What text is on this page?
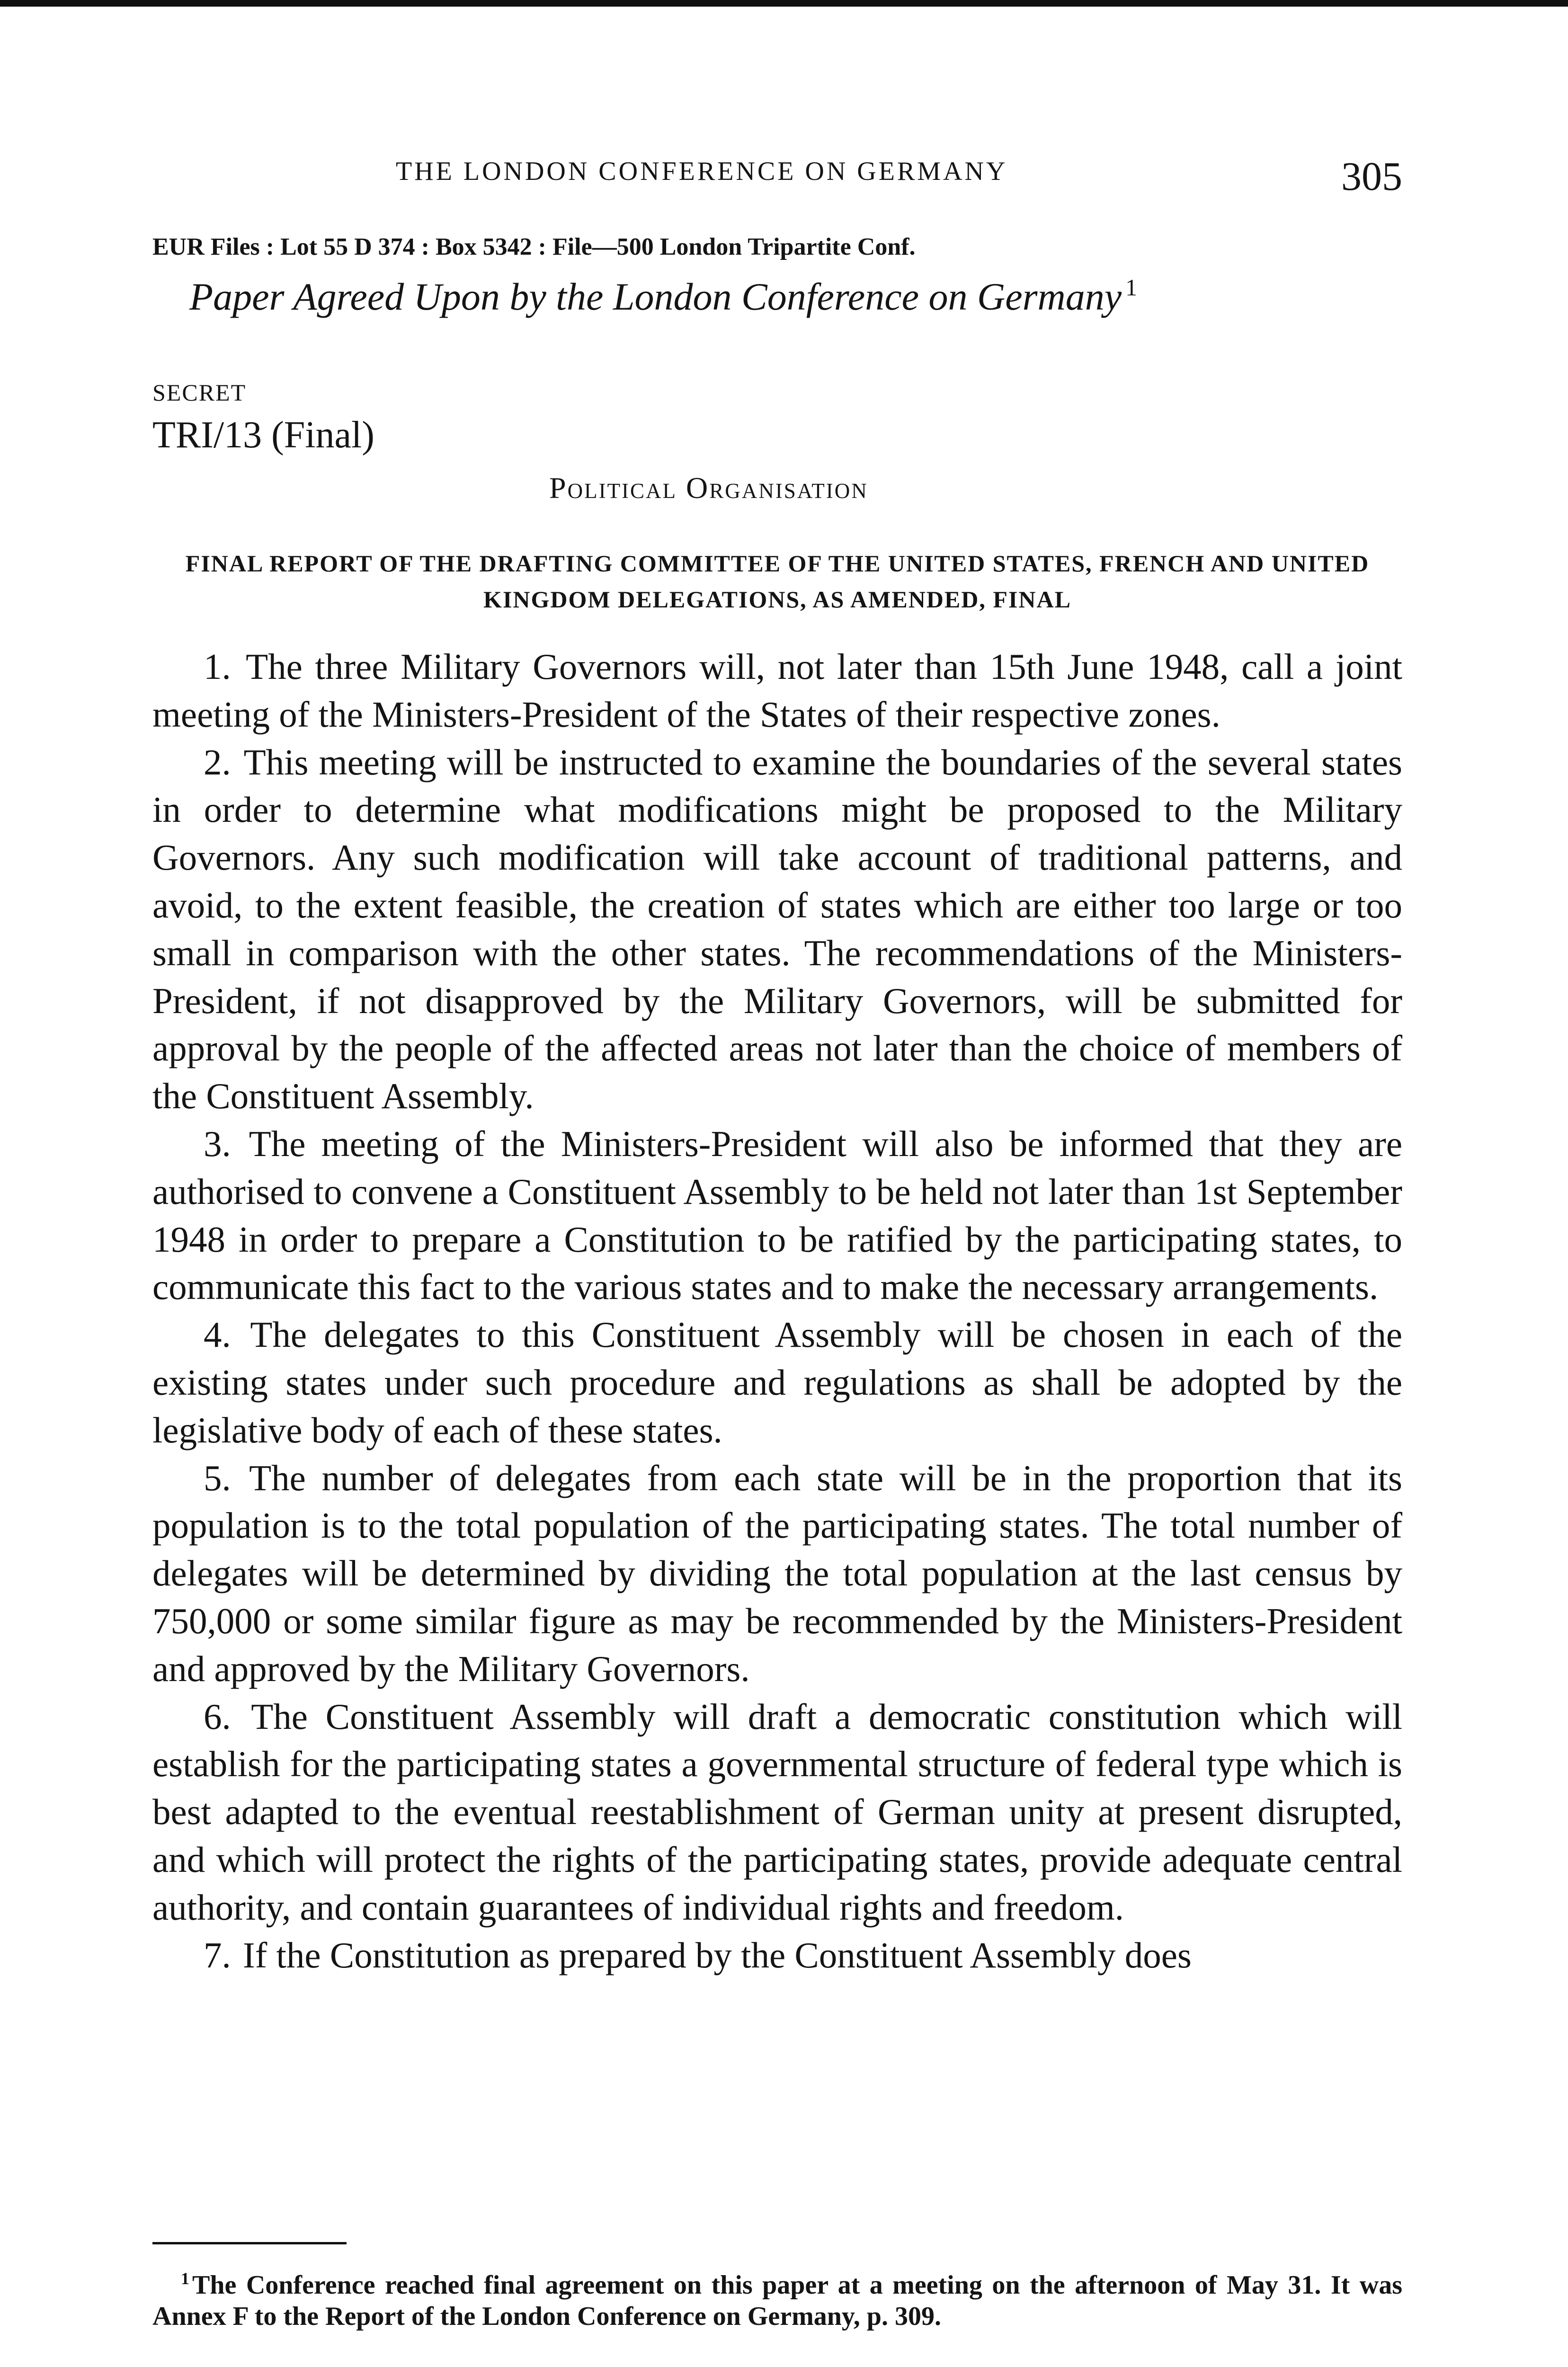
THE LONDON CONFERENCE ON GERMANY	305
EUR Files : Lot 55 D 374 : Box 5342 : File—500 London Tripartite Conf.
Paper Agreed Upon by the London Conference on Germany $^1$
SECRET
TRI/13 (Final)
Political Organisation
FINAL REPORT OF THE DRAFTING COMMITTEE OF THE UNITED STATES, FRENCH AND UNITED KINGDOM DELEGATIONS, AS AMENDED, FINAL

1. The three Military Governors will, not later than 15th June 1948, call a joint meeting of the Ministers-President of the States of their respective zones.

2. This meeting will be instructed to examine the boundaries of the several states in order to determine what modifications might be proposed to the Military Governors. Any such modification will take account of traditional patterns, and avoid, to the extent feasible, the creation of states which are either too large or too small in comparison with the other states. The recommendations of the Ministers-President, if not disapproved by the Military Governors, will be submitted for approval by the people of the affected areas not later than the choice of members of the Constituent Assembly.

3. The meeting of the Ministers-President will also be informed that they are authorised to convene a Constituent Assembly to be held not later than 1st September 1948 in order to prepare a Constitution to be ratified by the participating states, to communicate this fact to the various states and to make the necessary arrangements.

4. The delegates to this Constituent Assembly will be chosen in each of the existing states under such procedure and regulations as shall be adopted by the legislative body of each of these states.

5. The number of delegates from each state will be in the proportion that its population is to the total population of the participating states. The total number of delegates will be determined by dividing the total population at the last census by 750,000 or some similar figure as may be recommended by the Ministers-President and approved by the Military Governors.

6. The Constituent Assembly will draft a democratic constitution which will establish for the participating states a governmental structure of federal type which is best adapted to the eventual reestablishment of German unity at present disrupted, and which will protect the rights of the participating states, provide adequate central authority, and contain guarantees of individual rights and freedom.

7. If the Constitution as prepared by the Constituent Assembly does

$^1$ The Conference reached final agreement on this paper at a meeting on the afternoon of May 31. It was Annex F to the Report of the London Conference on Germany, p. 309.
